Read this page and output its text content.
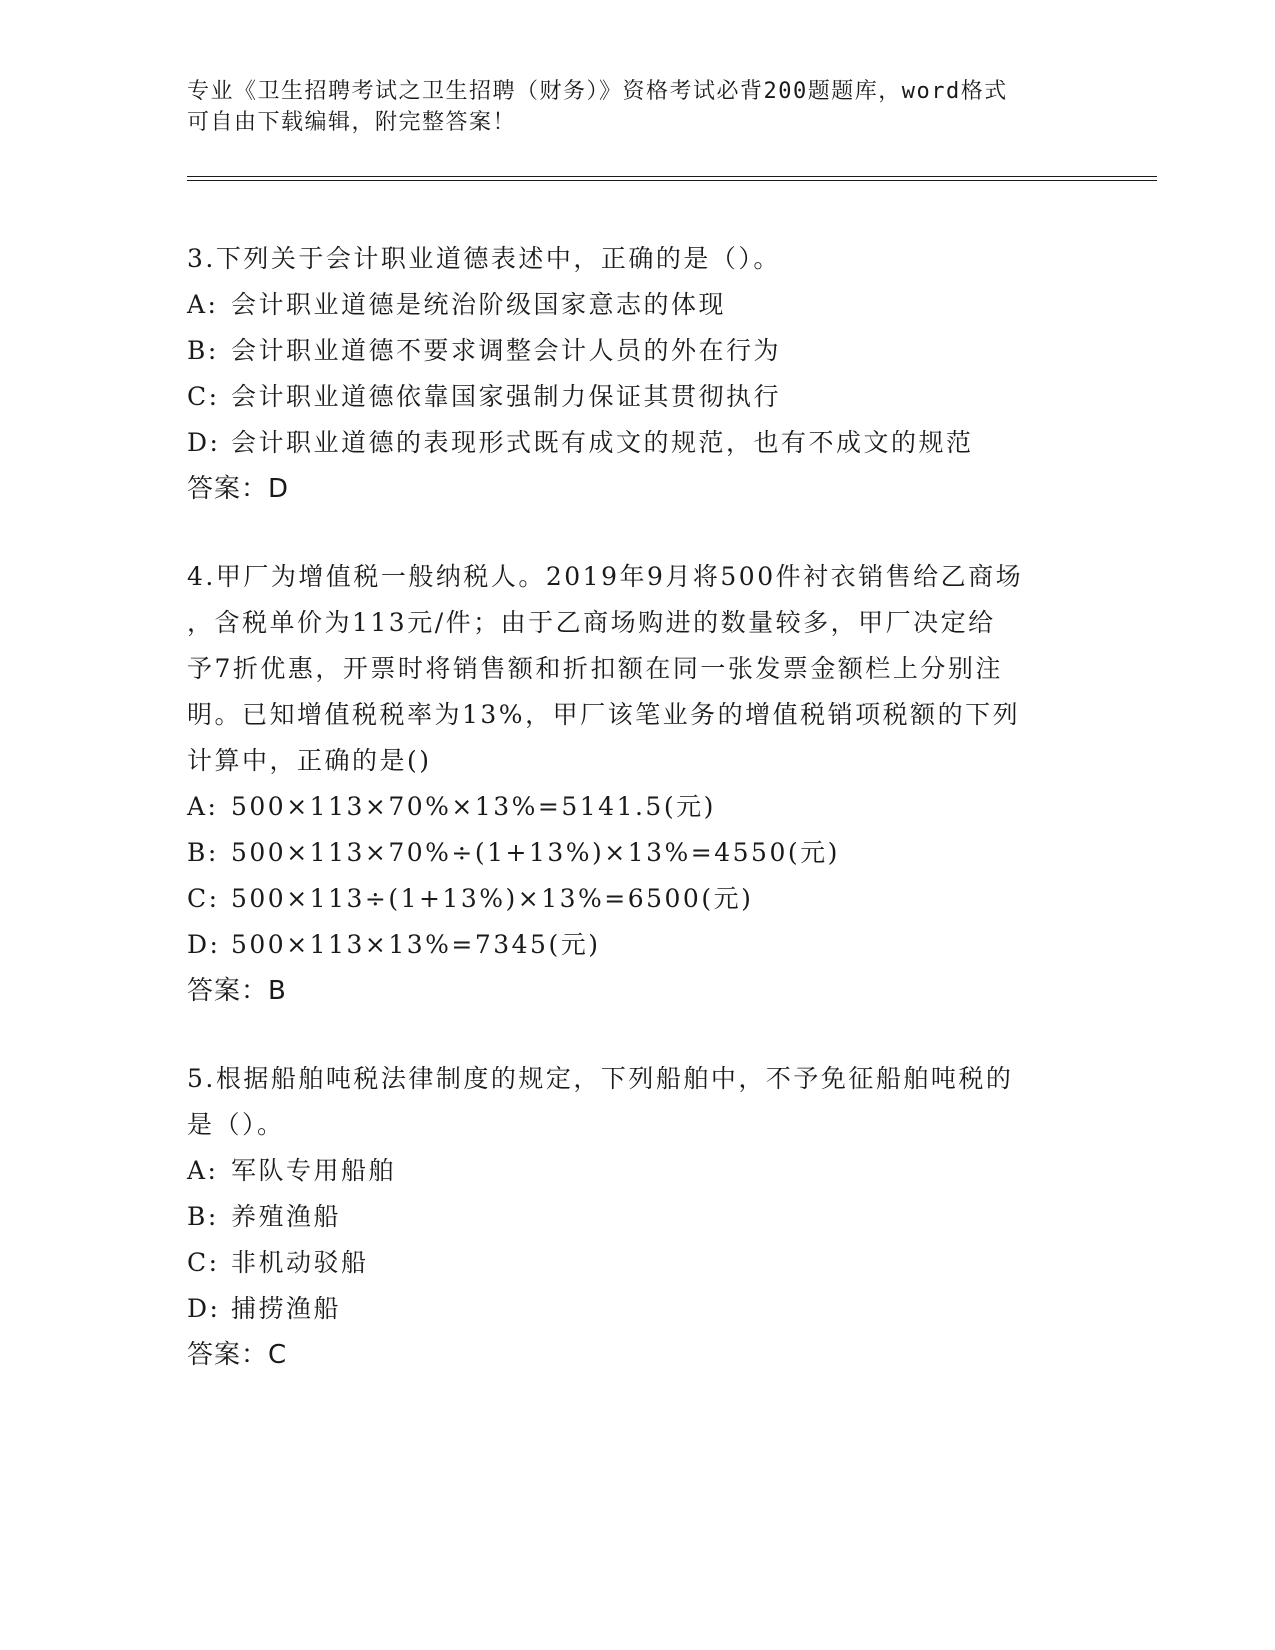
专业《卫生招聘考试之卫生招聘（财务）》资格考试必背200题题库，word格式
可自由下载编辑，附完整答案！
3.下列关于会计职业道德表述中，正确的是（）。
A: 会计职业道德是统治阶级国家意志的体现
B: 会计职业道德不要求调整会计人员的外在行为
C: 会计职业道德依靠国家强制力保证其贯彻执行
D: 会计职业道德的表现形式既有成文的规范，也有不成文的规范
答案：D
4.甲厂为增值税一般纳税人。2019年9月将500件衬衣销售给乙商场
，含税单价为113元/件；由于乙商场购进的数量较多，甲厂决定给
予7折优惠，开票时将销售额和折扣额在同一张发票金额栏上分别注
明。已知增值税税率为13%，甲厂该笔业务的增值税销项税额的下列
计算中，正确的是()
A: 500×113×70%×13%=5141.5(元)
B: 500×113×70%÷(1+13%)×13%=4550(元)
C: 500×113÷(1+13%)×13%=6500(元)
D: 500×113×13%=7345(元)
答案：B
5.根据船舶吨税法律制度的规定，下列船舶中，不予免征船舶吨税的
是（）。
A: 军队专用船舶
B: 养殖渔船
C: 非机动驳船
D: 捕捞渔船
答案：C
